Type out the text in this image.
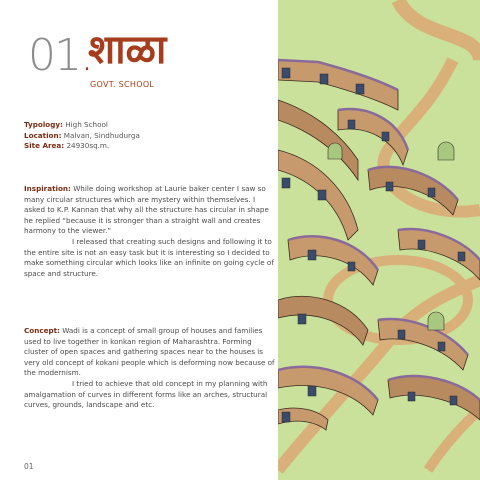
01.
शाळा
GOVT. SCHOOL
Typology: High School
Location: Malvan, Sindhudurga
Site Area: 24930sq.m.

Inspiration: While doing workshop at Laurie baker center I saw so many circular structures which are mystery within themselves. I asked to K.P. Kannan that why all the structure has circular in shape he replied “because it is stronger than a straight wall and creates harmony to the viewer.”

I released that creating such designs and following it to the entire site is not an easy task but it is interesting so I decided to make something circular which looks like an infinite on going cycle of space and structure.

Concept: Wadi is a concept of small group of houses and families used to live together in konkan region of Maharashtra. Forming cluster of open spaces and gathering spaces near to the houses is very old concept of kokani people which is deforming now because of the modernism.

I tried to achieve that old concept in my planning with amalgamation of curves in different forms like an arches, structural curves, grounds, landscape and etc.

01
